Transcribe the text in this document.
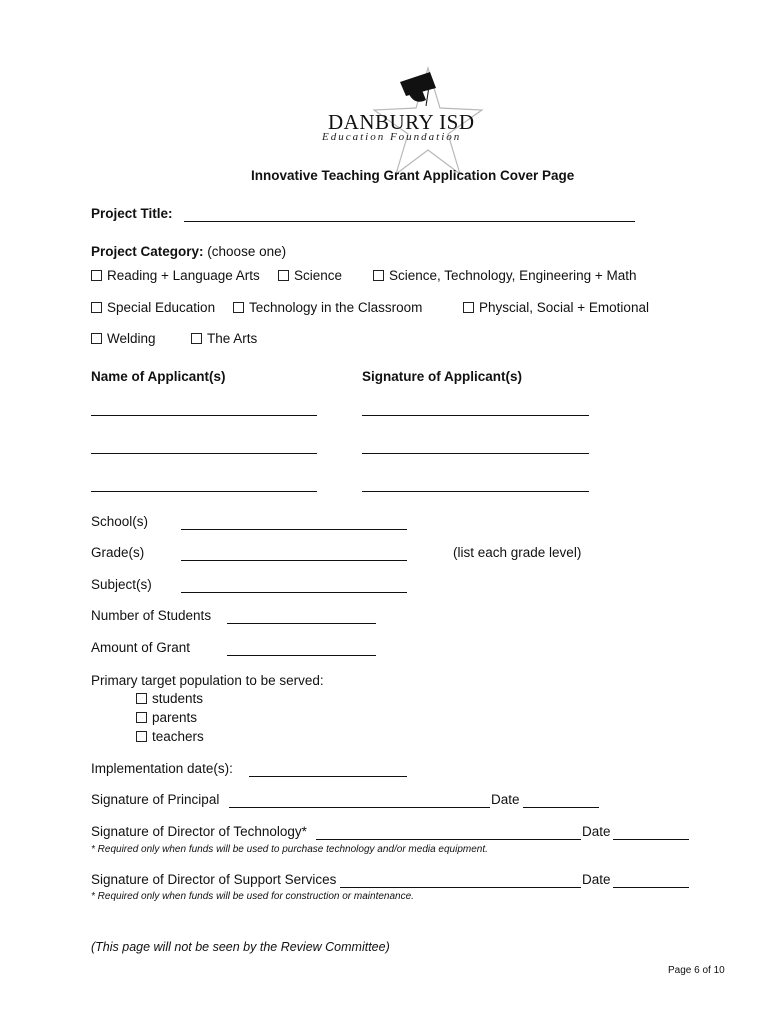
DANBURY ISD
Education Foundation
Innovative Teaching Grant Application Cover Page
Project Title:
Project Category: (choose one)
Reading + Language Arts	Science	Science, Technology, Engineering + Math
Special Education	Technology in the Classroom	Physcial, Social + Emotional
Welding	The Arts
Name of Applicant(s)	Signature of Applicant(s)
School(s)
Grade(s)	(list each grade level)
Subject(s)
Number of Students
Amount of Grant
Primary target population to be served:
students
parents
teachers
Implementation date(s):
Signature of Principal	Date
Signature of Director of Technology*	Date
* Required only when funds will be used to purchase technology and/or media equipment.
Signature of Director of Support Services	Date
* Required only when funds will be used for construction or maintenance.
(This page will not be seen by the Review Committee)
Page 6 of 10
